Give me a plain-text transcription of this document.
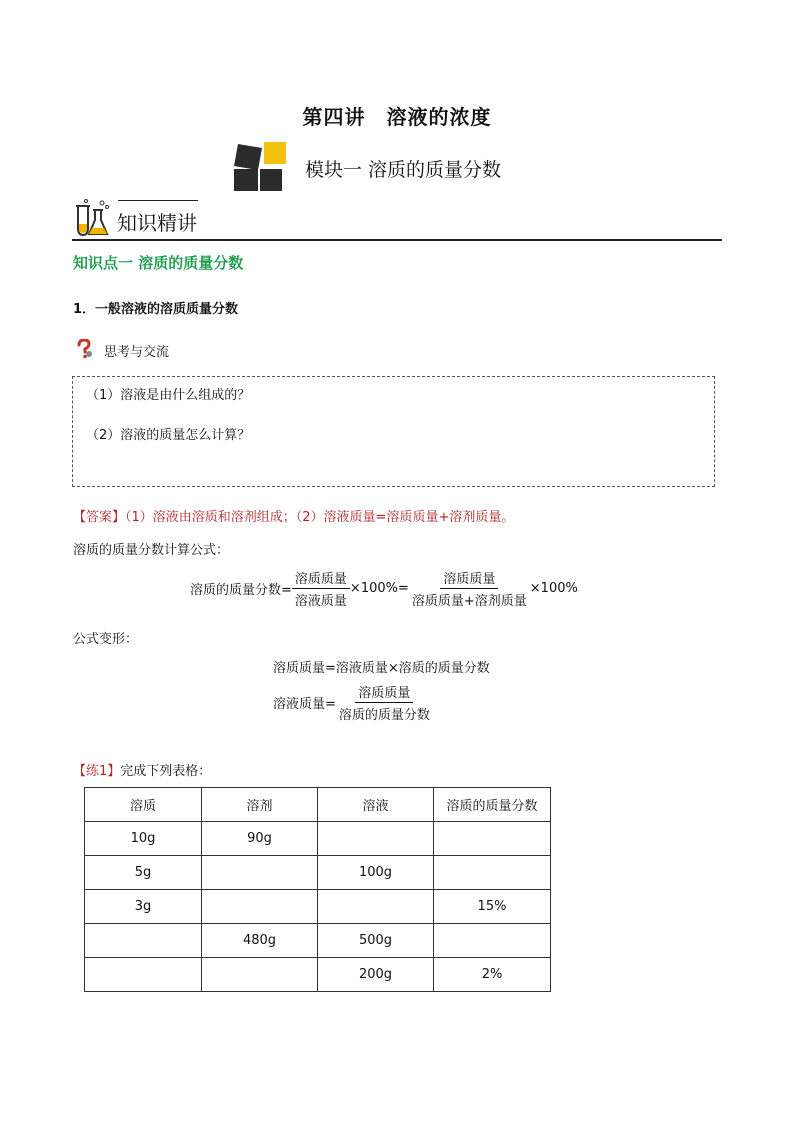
第四讲　溶液的浓度
模块一 溶质的质量分数
知识精讲
知识点一 溶质的质量分数
1．一般溶液的溶质质量分数
思考与交流
（1）溶液是由什么组成的？
（2）溶液的质量怎么计算？
【答案】（1）溶液由溶质和溶剂组成；（2）溶液质量=溶质质量+溶剂质量。
溶质的质量分数计算公式：
溶质的质量分数= $\frac{\text{溶质质量}}{\text{溶液质量}} \times 100\%= \frac{\text{溶质质量}}{\text{溶质质量+溶剂质量}} \times 100\%$
公式变形：
溶质质量=溶液质量×溶质的质量分数
溶液质量= $\frac{\text{溶质质量}}{\text{溶质的质量分数}}$
【练1】完成下列表格：
溶质	溶剂	溶液	溶质的质量分数
10g	90g		
5g		100g	
3g			15%
	480g	500g	
		200g	2%
